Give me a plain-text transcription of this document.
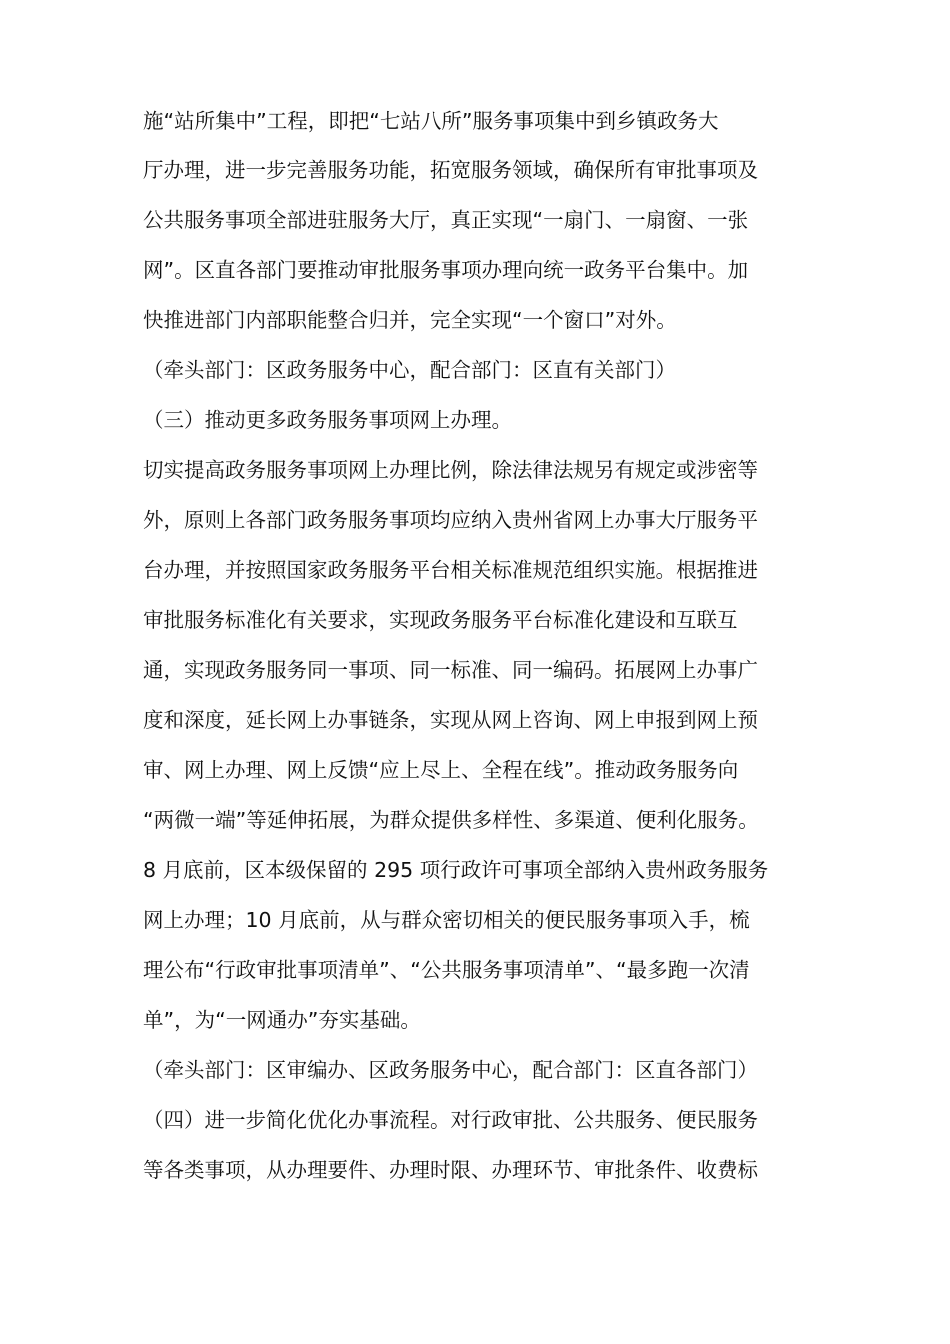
施“站所集中”工程，即把“七站八所”服务事项集中到乡镇政务大
厅办理，进一步完善服务功能，拓宽服务领域，确保所有审批事项及
公共服务事项全部进驻服务大厅，真正实现“一扇门、一扇窗、一张
网”。区直各部门要推动审批服务事项办理向统一政务平台集中。加
快推进部门内部职能整合归并，完全实现“一个窗口”对外。
（牵头部门：区政务服务中心，配合部门：区直有关部门）
（三）推动更多政务服务事项网上办理。
切实提高政务服务事项网上办理比例，除法律法规另有规定或涉密等
外，原则上各部门政务服务事项均应纳入贵州省网上办事大厅服务平
台办理，并按照国家政务服务平台相关标准规范组织实施。根据推进
审批服务标准化有关要求，实现政务服务平台标准化建设和互联互
通，实现政务服务同一事项、同一标准、同一编码。拓展网上办事广
度和深度，延长网上办事链条，实现从网上咨询、网上申报到网上预
审、网上办理、网上反馈“应上尽上、全程在线”。推动政务服务向
“两微一端”等延伸拓展，为群众提供多样性、多渠道、便利化服务。
8 月底前，区本级保留的 295 项行政许可事项全部纳入贵州政务服务
网上办理；10 月底前，从与群众密切相关的便民服务事项入手，梳
理公布“行政审批事项清单”、“公共服务事项清单”、“最多跑一次清
单”，为“一网通办”夯实基础。
（牵头部门：区审编办、区政务服务中心，配合部门：区直各部门）
（四）进一步简化优化办事流程。对行政审批、公共服务、便民服务
等各类事项，从办理要件、办理时限、办理环节、审批条件、收费标
